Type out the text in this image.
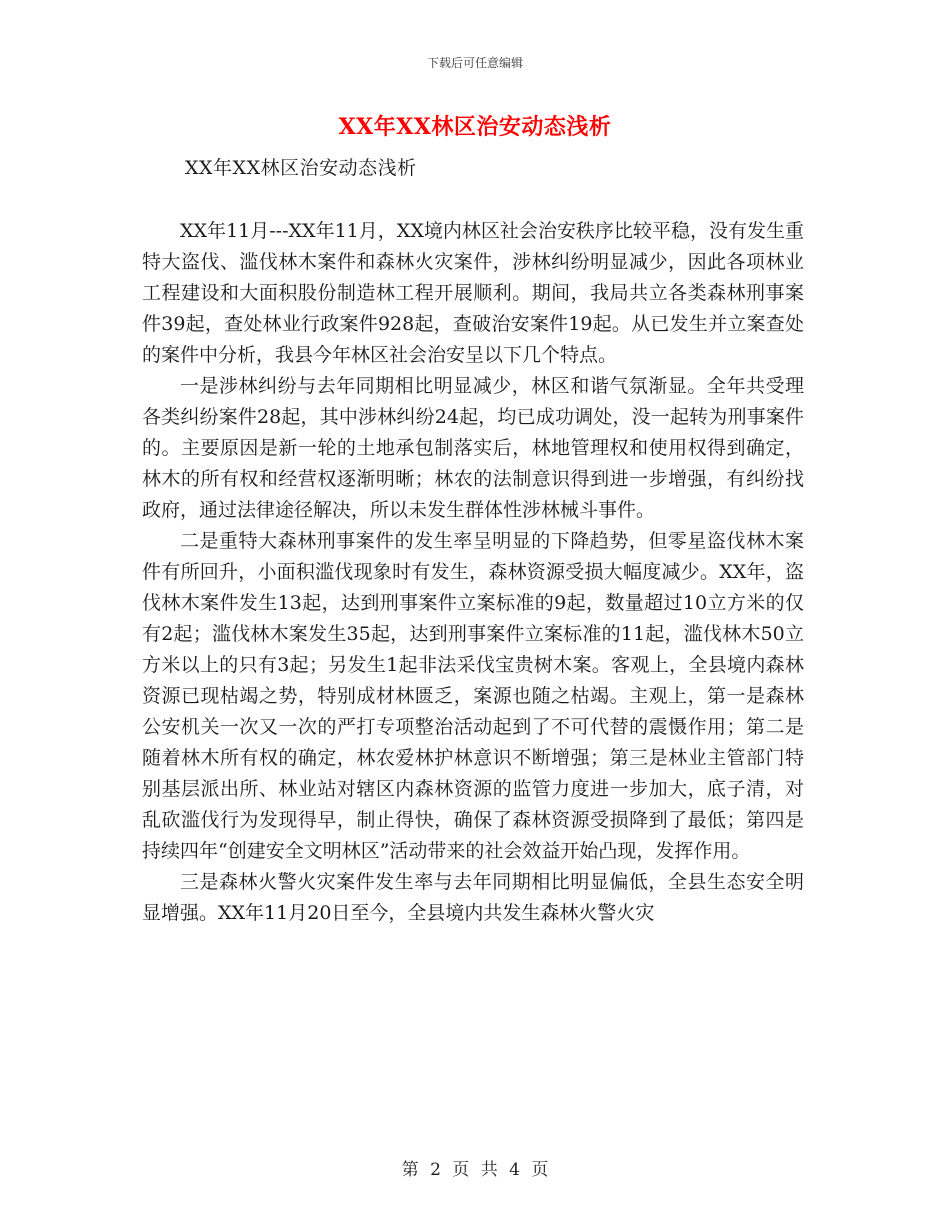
下载后可任意编辑
XX年XX林区治安动态浅析
XX年XX林区治安动态浅析

XX年11月---XX年11月，XX境内林区社会治安秩序比较平稳，没有发生重特大盗伐、滥伐林木案件和森林火灾案件，涉林纠纷明显减少，因此各项林业工程建设和大面积股份制造林工程开展顺利。期间，我局共立各类森林刑事案件39起，查处林业行政案件928起，查破治安案件19起。从已发生并立案查处的案件中分析，我县今年林区社会治安呈以下几个特点。

一是涉林纠纷与去年同期相比明显减少，林区和谐气氛渐显。全年共受理各类纠纷案件28起，其中涉林纠纷24起，均已成功调处，没一起转为刑事案件的。主要原因是新一轮的土地承包制落实后，林地管理权和使用权得到确定，林木的所有权和经营权逐渐明晰；林农的法制意识得到进一步增强，有纠纷找政府，通过法律途径解决，所以未发生群体性涉林械斗事件。

二是重特大森林刑事案件的发生率呈明显的下降趋势，但零星盗伐林木案件有所回升，小面积滥伐现象时有发生，森林资源受损大幅度减少。XX年，盗伐林木案件发生13起，达到刑事案件立案标准的9起，数量超过10立方米的仅有2起；滥伐林木案发生35起，达到刑事案件立案标准的11起，滥伐林木50立方米以上的只有3起；另发生1起非法采伐宝贵树木案。客观上，全县境内森林资源已现枯竭之势，特别成材林匮乏，案源也随之枯竭。主观上，第一是森林公安机关一次又一次的严打专项整治活动起到了不可代替的震慑作用；第二是随着林木所有权的确定，林农爱林护林意识不断增强；第三是林业主管部门特别基层派出所、林业站对辖区内森林资源的监管力度进一步加大，底子清，对乱砍滥伐行为发现得早，制止得快，确保了森林资源受损降到了最低；第四是持续四年“创建安全文明林区”活动带来的社会效益开始凸现，发挥作用。

三是森林火警火灾案件发生率与去年同期相比明显偏低，全县生态安全明显增强。XX年11月20日至今，全县境内共发生森林火警火灾

第 2 页 共 4 页
